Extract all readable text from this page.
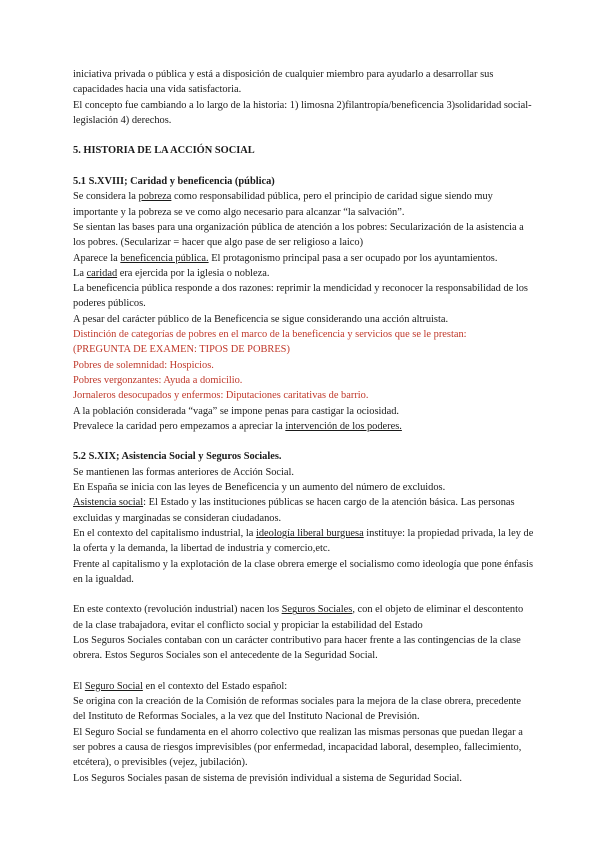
iniciativa privada o pública y está a disposición de cualquier miembro para ayudarlo a desarrollar sus capacidades hacia una vida satisfactoria.

El concepto fue cambiando a lo largo de la historia: 1) limosna 2)filantropía/beneficencia 3)solidaridad social-legislación 4) derechos.

5. HISTORIA DE LA ACCIÓN SOCIAL

5.1 S.XVIII; Caridad y beneficencia (pública)

Se considera la pobreza como responsabilidad pública, pero el principio de caridad sigue siendo muy importante y la pobreza se ve como algo necesario para alcanzar “la salvación”.

Se sientan las bases para una organización pública de atención a los pobres: Secularización de la asistencia a los pobres. (Secularizar = hacer que algo pase de ser religioso a laico)

Aparece la beneficencia pública. El protagonismo principal pasa a ser ocupado por los ayuntamientos.

La caridad era ejercida por la iglesia o nobleza.

La beneficencia pública responde a dos razones: reprimir la mendicidad y reconocer la responsabilidad de los poderes públicos.

A pesar del carácter público de la Beneficencia se sigue considerando una acción altruista.

Distinción de categorías de pobres en el marco de la beneficencia y servicios que se le prestan:

(PREGUNTA DE EXAMEN: TIPOS DE POBRES)

Pobres de solemnidad: Hospicios.

Pobres vergonzantes: Ayuda a domicilio.

Jornaleros desocupados y enfermos: Diputaciones caritativas de barrio.

A la población considerada “vaga” se impone penas para castigar la ociosidad.

Prevalece la caridad pero empezamos a apreciar la intervención de los poderes.

5.2 S.XIX; Asistencia Social y Seguros Sociales.

Se mantienen las formas anteriores de Acción Social.

En España se inicia con las leyes de Beneficencia y un aumento del número de excluidos.

Asistencia social: El Estado y las instituciones públicas se hacen cargo de la atención básica. Las personas excluidas y marginadas se consideran ciudadanos.

En el contexto del capitalismo industrial, la ideología liberal burguesa instituye: la propiedad privada, la ley de la oferta y la demanda, la libertad de industria y comercio,etc.

Frente al capitalismo y la explotación de la clase obrera emerge el socialismo como ideología que pone énfasis en la igualdad.

En este contexto (revolución industrial) nacen los Seguros Sociales, con el objeto de eliminar el descontento de la clase trabajadora, evitar el conflicto social y propiciar la estabilidad del Estado

Los Seguros Sociales contaban con un carácter contributivo para hacer frente a las contingencias de la clase obrera. Estos Seguros Sociales son el antecedente de la Seguridad Social.

El Seguro Social en el contexto del Estado español:

Se origina con la creación de la Comisión de reformas sociales para la mejora de la clase obrera, precedente del Instituto de Reformas Sociales, a la vez que del Instituto Nacional de Previsión.

El Seguro Social se fundamenta en el ahorro colectivo que realizan las mismas personas que puedan llegar a ser pobres a causa de riesgos imprevisibles (por enfermedad, incapacidad laboral, desempleo, fallecimiento, etcétera), o previsibles (vejez, jubilación).

Los Seguros Sociales pasan de sistema de previsión individual a sistema de Seguridad Social.
